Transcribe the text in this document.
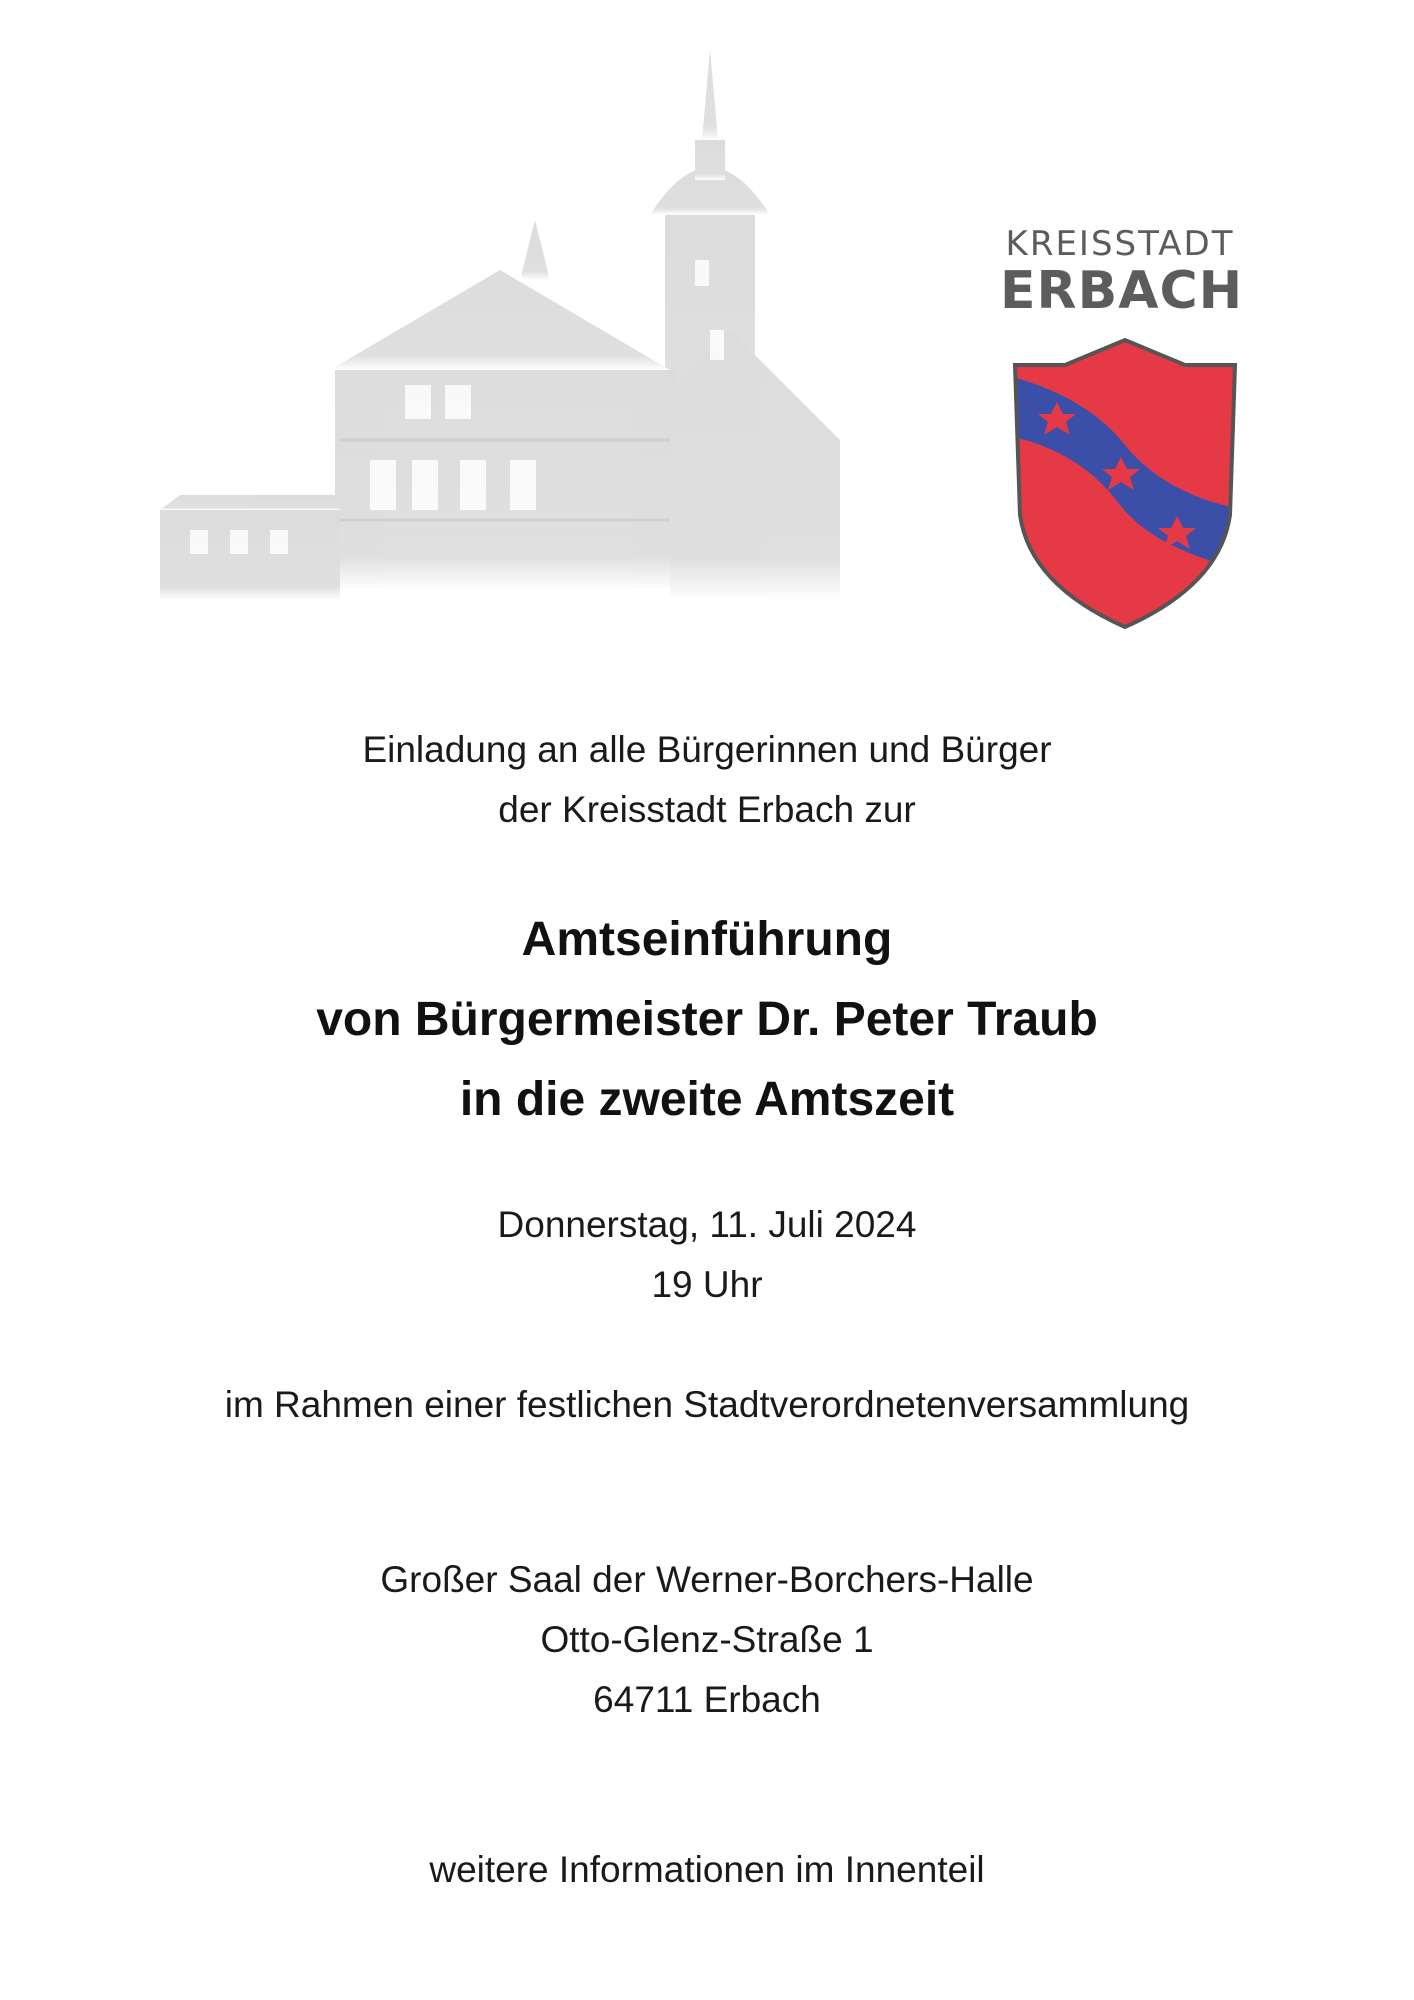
KREISSTADT
ERBACH
Einladung an alle Bürgerinnen und Bürger
der Kreisstadt Erbach zur
Amtseinführung
von Bürgermeister Dr. Peter Traub
in die zweite Amtszeit
Donnerstag, 11. Juli 2024
19 Uhr
im Rahmen einer festlichen Stadtverordnetenversammlung
Großer Saal der Werner-Borchers-Halle
Otto-Glenz-Straße 1
64711 Erbach
weitere Informationen im Innenteil
